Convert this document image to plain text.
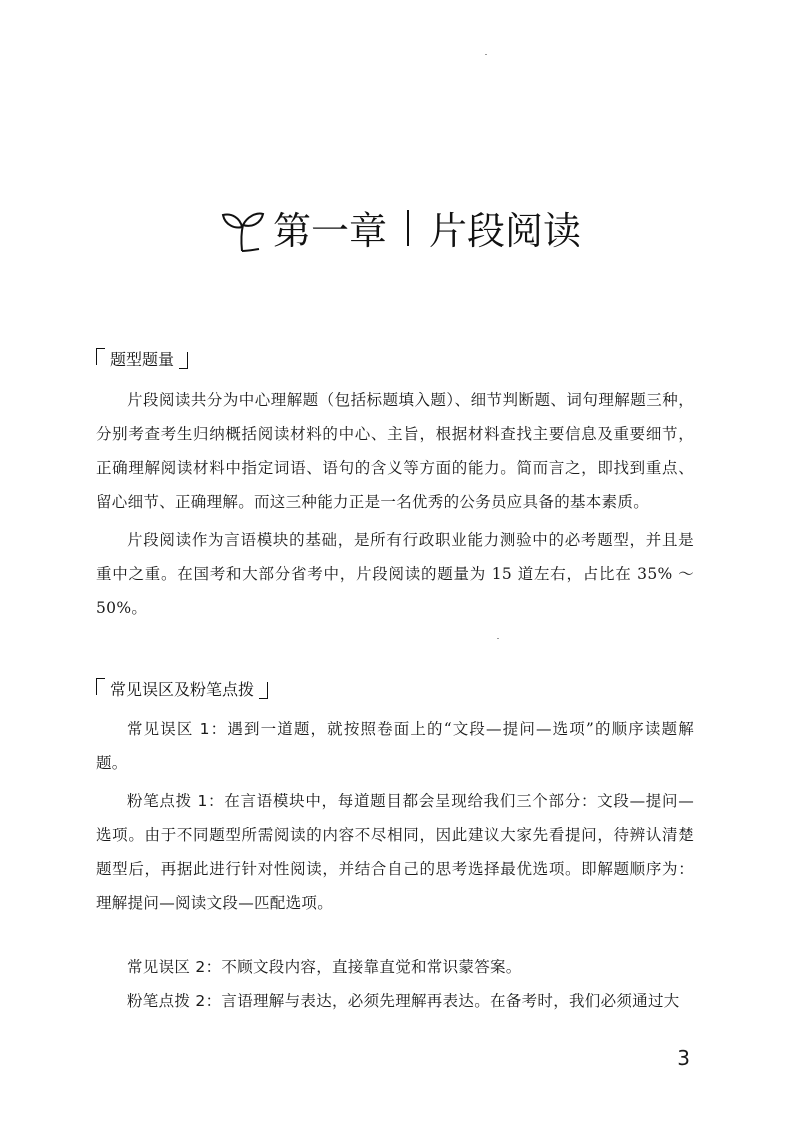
第一章 片段阅读
题型题量

片段阅读共分为中心理解题（包括标题填入题）、细节判断题、词句理解题三种，分别考查考生归纳概括阅读材料的中心、主旨，根据材料查找主要信息及重要细节，正确理解阅读材料中指定词语、语句的含义等方面的能力。简而言之，即找到重点、留心细节、正确理解。而这三种能力正是一名优秀的公务员应具备的基本素质。

片段阅读作为言语模块的基础，是所有行政职业能力测验中的必考题型，并且是重中之重。在国考和大部分省考中，片段阅读的题量为 15 道左右，占比在 35% ～ 50%。

常见误区及粉笔点拨

常见误区 1：遇到一道题，就按照卷面上的“文段—提问—选项”的顺序读题解题。

粉笔点拨 1：在言语模块中，每道题目都会呈现给我们三个部分：文段—提问—选项。由于不同题型所需阅读的内容不尽相同，因此建议大家先看提问，待辨认清楚题型后，再据此进行针对性阅读，并结合自己的思考选择最优选项。即解题顺序为：理解提问—阅读文段—匹配选项。

常见误区 2：不顾文段内容，直接靠直觉和常识蒙答案。

粉笔点拨 2：言语理解与表达，必须先理解再表达。在备考时，我们必须通过大

3
